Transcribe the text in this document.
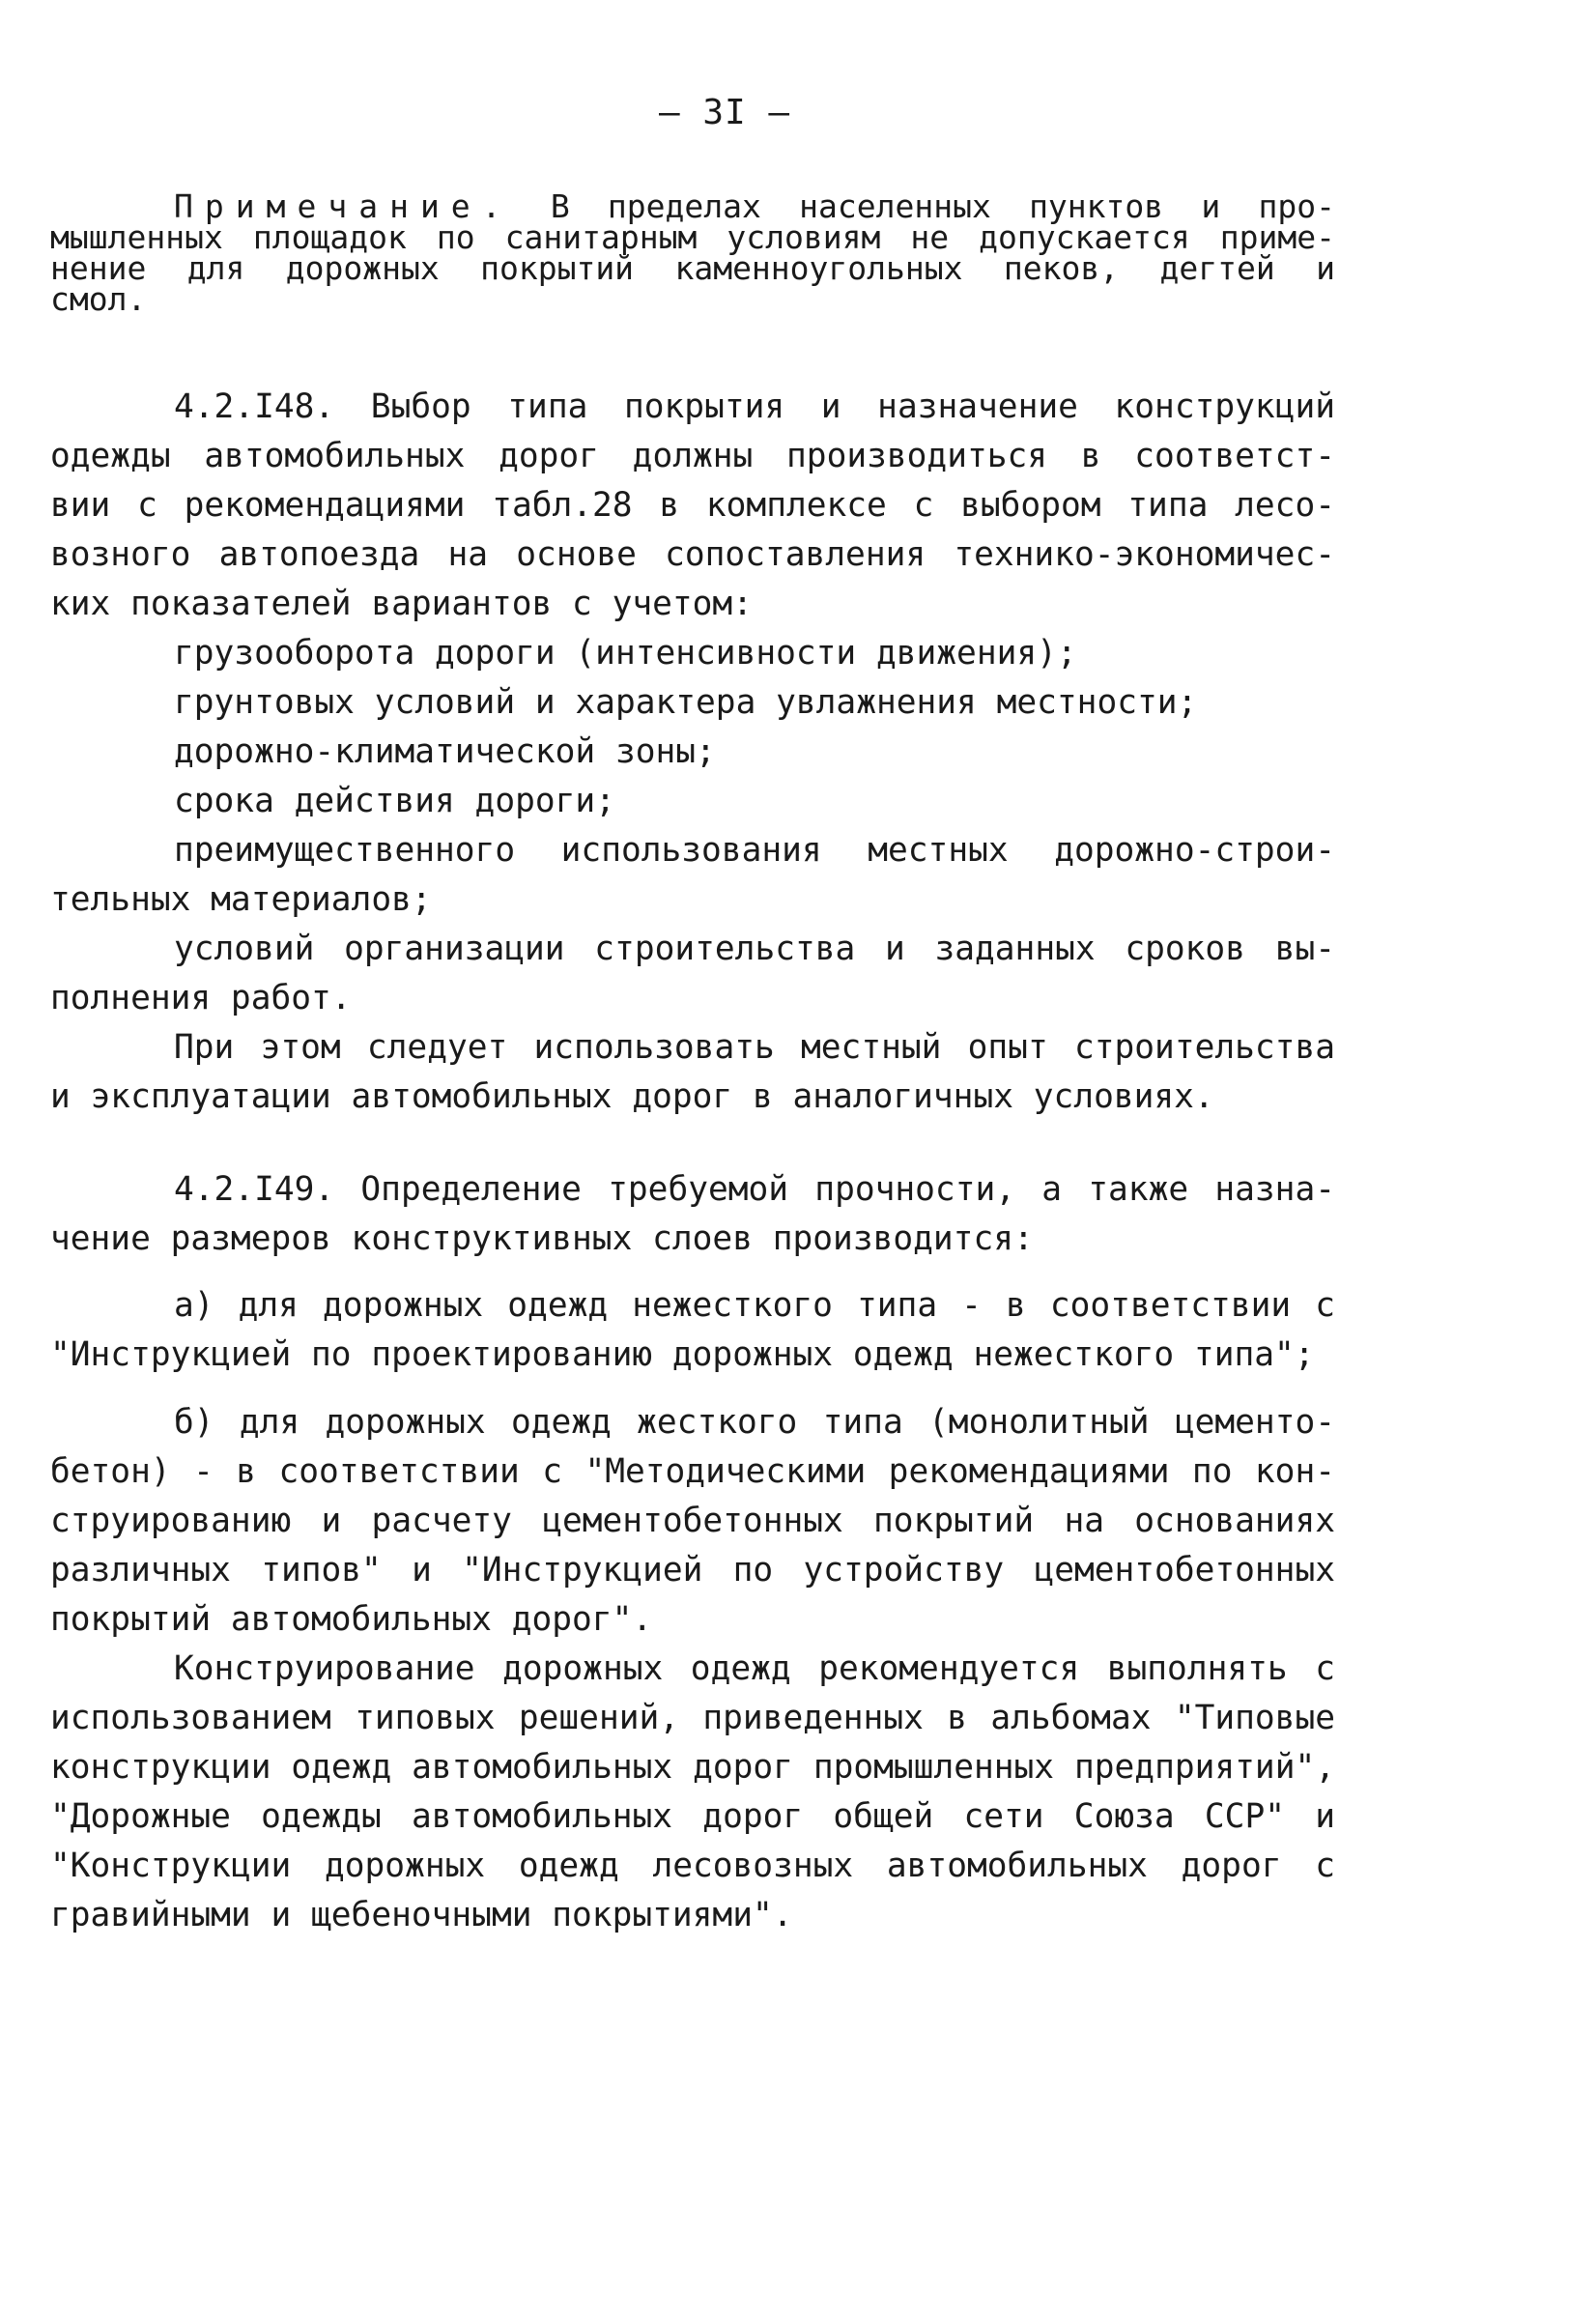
— 3I —
Примечание. В пределах населенных пунктов и про-
мышленных площадок по санитарным условиям не допускается приме-
нение для дорожных покрытий каменноугольных пеков, дегтей и
смол.
4.2.I48. Выбор типа покрытия и назначение конструкций
одежды автомобильных дорог должны производиться в соответст-
вии с рекомендациями табл.28 в комплексе с выбором типа лесо-
возного автопоезда на основе сопоставления технико-экономичес-
ких показателей вариантов с учетом:
грузооборота дороги (интенсивности движения);
грунтовых условий и характера увлажнения местности;
дорожно-климатической зоны;
срока действия дороги;
преимущественного использования местных дорожно-строи-
тельных материалов;
условий организации строительства и заданных сроков вы-
полнения работ.
При этом следует использовать местный опыт строительства
и эксплуатации автомобильных дорог в аналогичных условиях.
4.2.I49. Определение требуемой прочности, а также назна-
чение размеров конструктивных слоев производится:
а) для дорожных одежд нежесткого типа - в соответствии с
"Инструкцией по проектированию дорожных одежд нежесткого типа";
б) для дорожных одежд жесткого типа (монолитный цементо-
бетон) - в соответствии с "Методическими рекомендациями по кон-
струированию и расчету цементобетонных покрытий на основаниях
различных типов" и "Инструкцией по устройству цементобетонных
покрытий автомобильных дорог".
Конструирование дорожных одежд рекомендуется выполнять с
использованием типовых решений, приведенных в альбомах "Типовые
конструкции одежд автомобильных дорог промышленных предприятий",
"Дорожные одежды автомобильных дорог общей сети Союза ССР" и
"Конструкции дорожных одежд лесовозных автомобильных дорог с
гравийными и щебеночными покрытиями".
